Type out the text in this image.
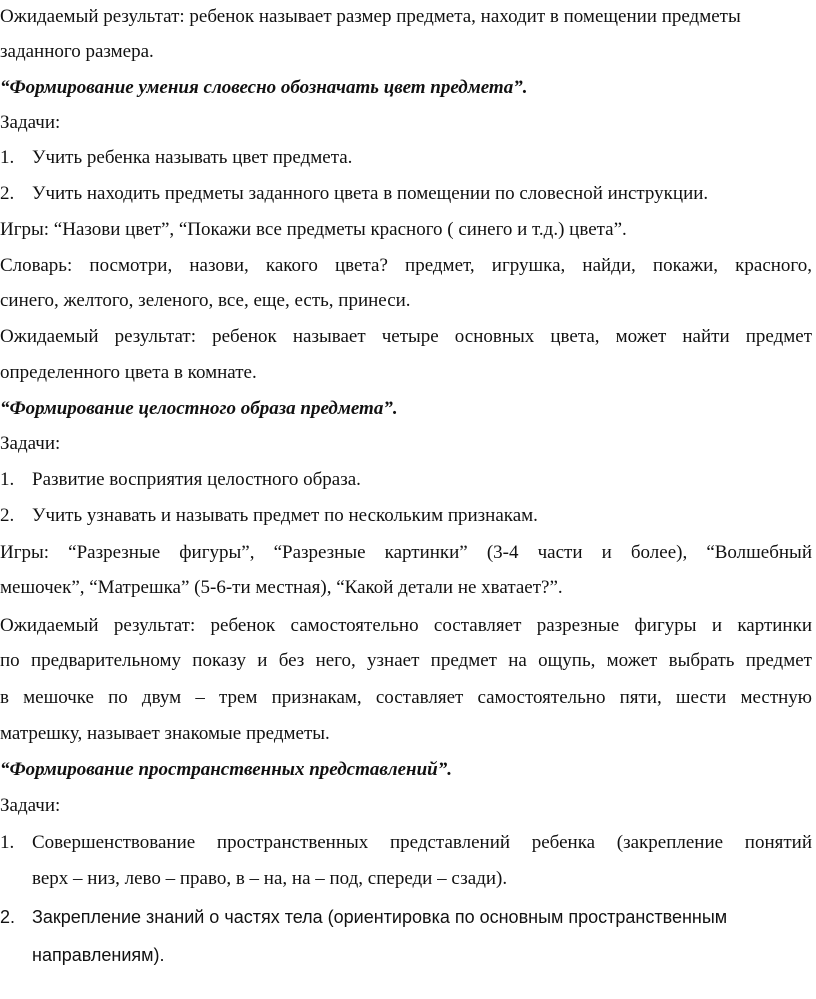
Ожидаемый результат: ребенок называет размер предмета, находит в помещении предметы
заданного размера.
“Формирование умения словесно обозначать цвет предмета”.
Задачи:
1. Учить ребенка называть цвет предмета.
2. Учить находить предметы заданного цвета в помещении по словесной инструкции.
Игры: “Назови цвет”, “Покажи все предметы красного ( синего и т.д.) цвета”.
Словарь: посмотри, назови, какого цвета? предмет, игрушка, найди, покажи, красного,
синего, желтого, зеленого, все, еще, есть, принеси.
Ожидаемый результат: ребенок называет четыре основных цвета, может найти предмет
определенного цвета в комнате.
“Формирование целостного образа предмета”.
Задачи:
1. Развитие восприятия целостного образа.
2. Учить узнавать и называть предмет по нескольким признакам.
Игры: “Разрезные фигуры”, “Разрезные картинки” (3-4 части и более), “Волшебный
мешочек”, “Матрешка” (5-6-ти местная), “Какой детали не хватает?”.
Ожидаемый результат: ребенок самостоятельно составляет разрезные фигуры и картинки
по предварительному показу и без него, узнает предмет на ощупь, может выбрать предмет
в мешочке по двум – трем признакам, составляет самостоятельно пяти, шести местную
матрешку, называет знакомые предметы.
“Формирование пространственных представлений”.
Задачи:
1. Совершенствование пространственных представлений ребенка (закрепление понятий
верх – низ, лево – право, в – на, на – под, спереди – сзади).
2. Закрепление знаний о частях тела (ориентировка по основным пространственным
направлениям).
